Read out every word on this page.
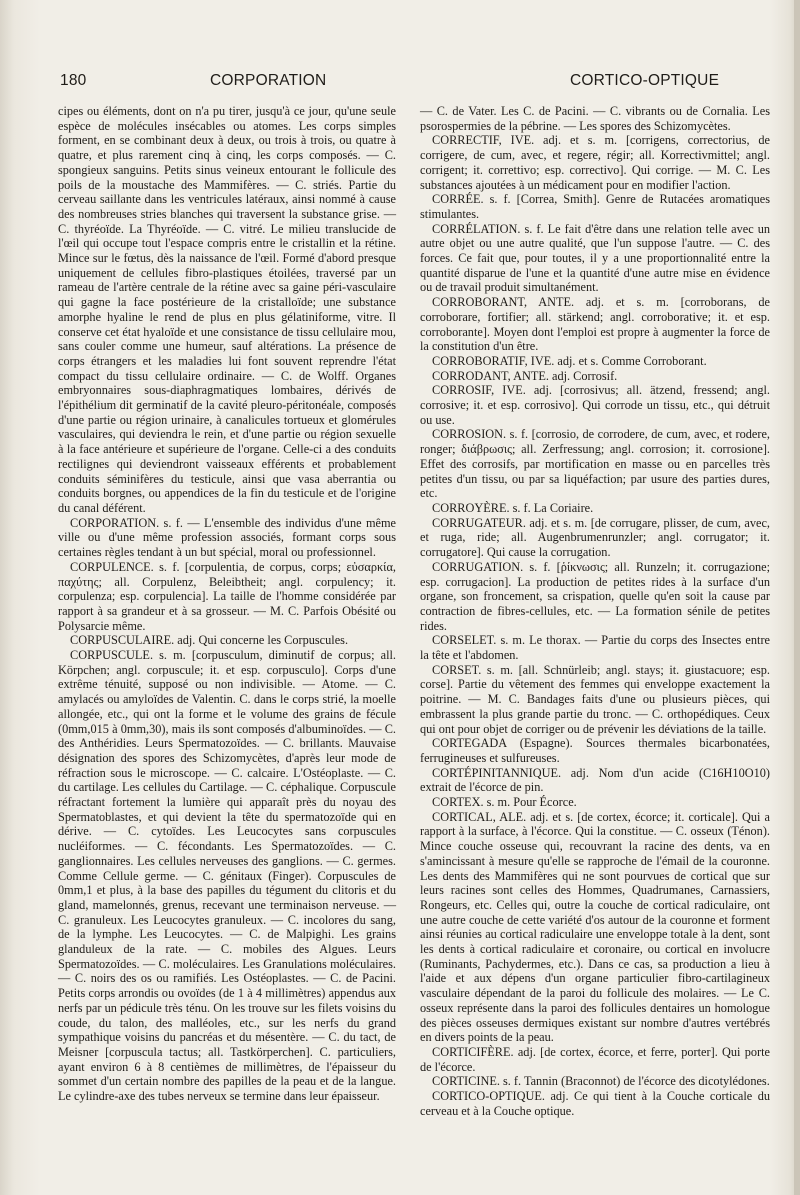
180	CORPORATION	CORTICO-OPTIQUE

cipes ou éléments, dont on n'a pu tirer, jusqu'à ce jour, qu'une seule espèce de molécules insécables ou atomes. Les corps simples forment, en se combinant deux à deux, ou trois à trois, ou quatre à quatre, et plus rarement cinq à cinq, les corps composés. — C. spongieux sanguins. Petits sinus veineux entourant le follicule des poils de la moustache des Mammifères. — C. striés. Partie du cerveau saillante dans les ventricules latéraux, ainsi nommé à cause des nombreuses stries blanches qui traversent la substance grise. — C. thyréoïde. La Thyréoïde. — C. vitré. Le milieu translucide de l'œil qui occupe tout l'espace compris entre le cristallin et la rétine. Mince sur le fœtus, dès la naissance de l'œil. Formé d'abord presque uniquement de cellules fibro-plastiques étoilées, traversé par un rameau de l'artère centrale de la rétine avec sa gaine péri-vasculaire qui gagne la face postérieure de la cristalloïde; une substance amorphe hyaline le rend de plus en plus gélatiniforme, vitre. Il conserve cet état hyaloïde et une consistance de tissu cellulaire mou, sans couler comme une humeur, sauf altérations. La présence de corps étrangers et les maladies lui font souvent reprendre l'état compact du tissu cellulaire ordinaire. — C. de Wolff. Organes embryonnaires sous-diaphragmatiques lombaires, dérivés de l'épithélium dit germinatif de la cavité pleuro-péritonéale, composés d'une partie ou région urinaire, à canalicules tortueux et glomérules vasculaires, qui deviendra le rein, et d'une partie ou région sexuelle à la face antérieure et supérieure de l'organe. Celle-ci a des conduits rectilignes qui deviendront vaisseaux efférents et probablement conduits séminifères du testicule, ainsi que vasa aberrantia ou conduits borgnes, ou appendices de la fin du testicule et de l'origine du canal déférent.

CORPORATION. s. f. — L'ensemble des individus d'une même ville ou d'une même profession associés, formant corps sous certaines règles tendant à un but spécial, moral ou professionnel.

CORPULENCE. s. f. [corpulentia, de corpus, corps; εὐσαρκία, παχύτης; all. Corpulenz, Beleibtheit; angl. corpulency; it. corpulenza; esp. corpulencia]. La taille de l'homme considérée par rapport à sa grandeur et à sa grosseur. — M. C. Parfois Obésité ou Polysarcie même.

CORPUSCULAIRE. adj. Qui concerne les Corpuscules.

CORPUSCULE. s. m. [corpusculum, diminutif de corpus; all. Körpchen; angl. corpuscule; it. et esp. corpusculo]. Corps d'une extrême ténuité, supposé ou non indivisible. — Atome. — C. amylacés ou amyloïdes de Valentin. C. dans le corps strié, la moelle allongée, etc., qui ont la forme et le volume des grains de fécule (0mm,015 à 0mm,30), mais ils sont composés d'albuminoïdes. — C. des Anthéridies. Leurs Spermatozoïdes. — C. brillants. Mauvaise désignation des spores des Schizomycètes, d'après leur mode de réfraction sous le microscope. — C. calcaire. L'Ostéoplaste. — C. du cartilage. Les cellules du Cartilage. — C. céphalique. Corpuscule réfractant fortement la lumière qui apparaît près du noyau des Spermatoblastes, et qui devient la tête du spermatozoïde qui en dérive. — C. cytoïdes. Les Leucocytes sans corpuscules nucléiformes. — C. fécondants. Les Spermatozoïdes. — C. ganglionnaires. Les cellules nerveuses des ganglions. — C. germes. Comme Cellule germe. — C. génitaux (Finger). Corpuscules de 0mm,1 et plus, à la base des papilles du tégument du clitoris et du gland, mamelonnés, grenus, recevant une terminaison nerveuse. — C. granuleux. Les Leucocytes granuleux. — C. incolores du sang, de la lymphe. Les Leucocytes. — C. de Malpighi. Les grains glanduleux de la rate. — C. mobiles des Algues. Leurs Spermatozoïdes. — C. moléculaires. Les Granulations moléculaires. — C. noirs des os ou ramifiés. Les Ostéoplastes. — C. de Pacini. Petits corps arrondis ou ovoïdes (de 1 à 4 millimètres) appendus aux nerfs par un pédicule très ténu. On les trouve sur les filets voisins du coude, du talon, des malléoles, etc., sur les nerfs du grand sympathique voisins du pancréas et du mésentère. — C. du tact, de Meisner [corpuscula tactus; all. Tastkörperchen]. C. particuliers, ayant environ 6 à 8 centièmes de millimètres, de l'épaisseur du sommet d'un certain nombre des papilles de la peau et de la langue. Le cylindre-axe des tubes nerveux se termine dans leur épaisseur.

— C. de Vater. Les C. de Pacini. — C. vibrants ou de Cornalia. Les psorospermies de la pébrine. — Les spores des Schizomycètes.

CORRECTIF, IVE. adj. et s. m. [corrigens, correctorius, de corrigere, de cum, avec, et regere, régir; all. Korrectivmittel; angl. corrigent; it. correttivo; esp. correctivo]. Qui corrige. — M. C. Les substances ajoutées à un médicament pour en modifier l'action.

CORRÉE. s. f. [Correa, Smith]. Genre de Rutacées aromatiques stimulantes.

CORRÉLATION. s. f. Le fait d'être dans une relation telle avec un autre objet ou une autre qualité, que l'un suppose l'autre. — C. des forces. Ce fait que, pour toutes, il y a une proportionnalité entre la quantité disparue de l'une et la quantité d'une autre mise en évidence ou de travail produit simultanément.

CORROBORANT, ANTE. adj. et s. m. [corroborans, de corroborare, fortifier; all. stärkend; angl. corroborative; it. et esp. corroborante]. Moyen dont l'emploi est propre à augmenter la force de la constitution d'un être.

CORROBORATIF, IVE. adj. et s. Comme Corroborant.

CORRODANT, ANTE. adj. Corrosif.

CORROSIF, IVE. adj. [corrosivus; all. ätzend, fressend; angl. corrosive; it. et esp. corrosivo]. Qui corrode un tissu, etc., qui détruit ou use.

CORROSION. s. f. [corrosio, de corrodere, de cum, avec, et rodere, ronger; διάβρωσις; all. Zerfressung; angl. corrosion; it. corrosione]. Effet des corrosifs, par mortification en masse ou en parcelles très petites d'un tissu, ou par sa liquéfaction; par usure des parties dures, etc.

CORROYÈRE. s. f. La Coriaire.

CORRUGATEUR. adj. et s. m. [de corrugare, plisser, de cum, avec, et ruga, ride; all. Augenbrumenrunzler; angl. corrugator; it. corrugatore]. Qui cause la corrugation.

CORRUGATION. s. f. [ῥίκνωσις; all. Runzeln; it. corrugazione; esp. corrugacion]. La production de petites rides à la surface d'un organe, son froncement, sa crispation, quelle qu'en soit la cause par contraction de fibres-cellules, etc. — La formation sénile de petites rides.

CORSELET. s. m. Le thorax. — Partie du corps des Insectes entre la tête et l'abdomen.

CORSET. s. m. [all. Schnürleib; angl. stays; it. giustacuore; esp. corse]. Partie du vêtement des femmes qui enveloppe exactement la poitrine. — M. C. Bandages faits d'une ou plusieurs pièces, qui embrassent la plus grande partie du tronc. — C. orthopédiques. Ceux qui ont pour objet de corriger ou de prévenir les déviations de la taille.

CORTEGADA (Espagne). Sources thermales bicarbonatées, ferrugineuses et sulfureuses.

CORTÉPINITANNIQUE. adj. Nom d'un acide (C16H10O10) extrait de l'écorce de pin.

CORTEX. s. m. Pour Écorce.

CORTICAL, ALE. adj. et s. [de cortex, écorce; it. corticale]. Qui a rapport à la surface, à l'écorce. Qui la constitue. — C. osseux (Ténon). Mince couche osseuse qui, recouvrant la racine des dents, va en s'amincissant à mesure qu'elle se rapproche de l'émail de la couronne. Les dents des Mammifères qui ne sont pourvues de cortical que sur leurs racines sont celles des Hommes, Quadrumanes, Carnassiers, Rongeurs, etc. Celles qui, outre la couche de cortical radiculaire, ont une autre couche de cette variété d'os autour de la couronne et forment ainsi réunies au cortical radiculaire une enveloppe totale à la dent, sont les dents à cortical radiculaire et coronaire, ou cortical en involucre (Ruminants, Pachydermes, etc.). Dans ce cas, sa production a lieu à l'aide et aux dépens d'un organe particulier fibro-cartilagineux vasculaire dépendant de la paroi du follicule des molaires. — Le C. osseux représente dans la paroi des follicules dentaires un homologue des pièces osseuses dermiques existant sur nombre d'autres vertébrés en divers points de la peau.

CORTICIFÈRE. adj. [de cortex, écorce, et ferre, porter]. Qui porte de l'écorce.

CORTICINE. s. f. Tannin (Braconnot) de l'écorce des dicotylédones.

CORTICO-OPTIQUE. adj. Ce qui tient à la Couche corticale du cerveau et à la Couche optique.
